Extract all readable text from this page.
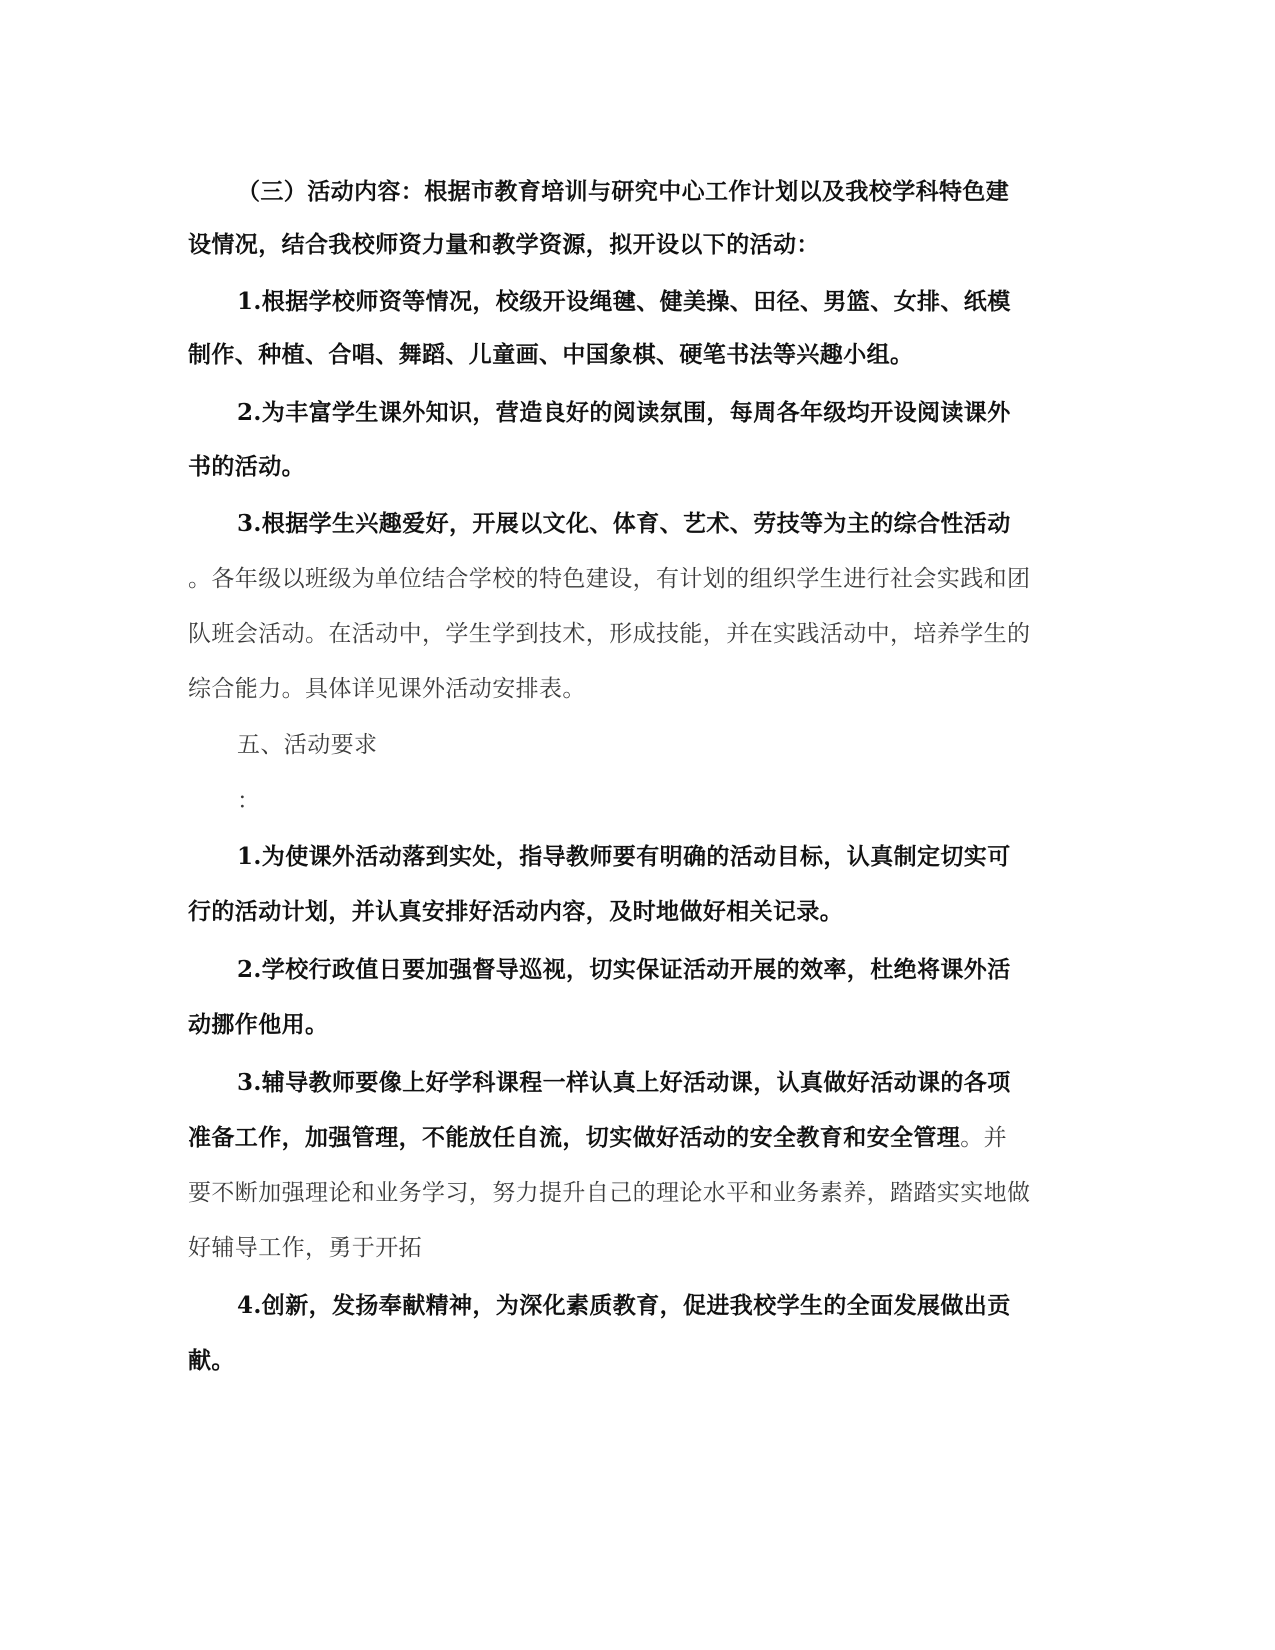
（三）活动内容：根据市教育培训与研究中心工作计划以及我校学科特色建
设情况，结合我校师资力量和教学资源，拟开设以下的活动：
1.根据学校师资等情况，校级开设绳毽、健美操、田径、男篮、女排、纸模
制作、种植、合唱、舞蹈、儿童画、中国象棋、硬笔书法等兴趣小组。
2.为丰富学生课外知识，营造良好的阅读氛围，每周各年级均开设阅读课外
书的活动。
3.根据学生兴趣爱好，开展以文化、体育、艺术、劳技等为主的综合性活动
。各年级以班级为单位结合学校的特色建设，有计划的组织学生进行社会实践和团
队班会活动。在活动中，学生学到技术，形成技能，并在实践活动中，培养学生的
综合能力。具体详见课外活动安排表。
五、活动要求
：
1.为使课外活动落到实处，指导教师要有明确的活动目标，认真制定切实可
行的活动计划，并认真安排好活动内容，及时地做好相关记录。
2.学校行政值日要加强督导巡视，切实保证活动开展的效率，杜绝将课外活
动挪作他用。
3.辅导教师要像上好学科课程一样认真上好活动课，认真做好活动课的各项
准备工作，加强管理，不能放任自流，切实做好活动的安全教育和安全管理。并
要不断加强理论和业务学习，努力提升自己的理论水平和业务素养，踏踏实实地做
好辅导工作，勇于开拓
4.创新，发扬奉献精神，为深化素质教育，促进我校学生的全面发展做出贡
献。
